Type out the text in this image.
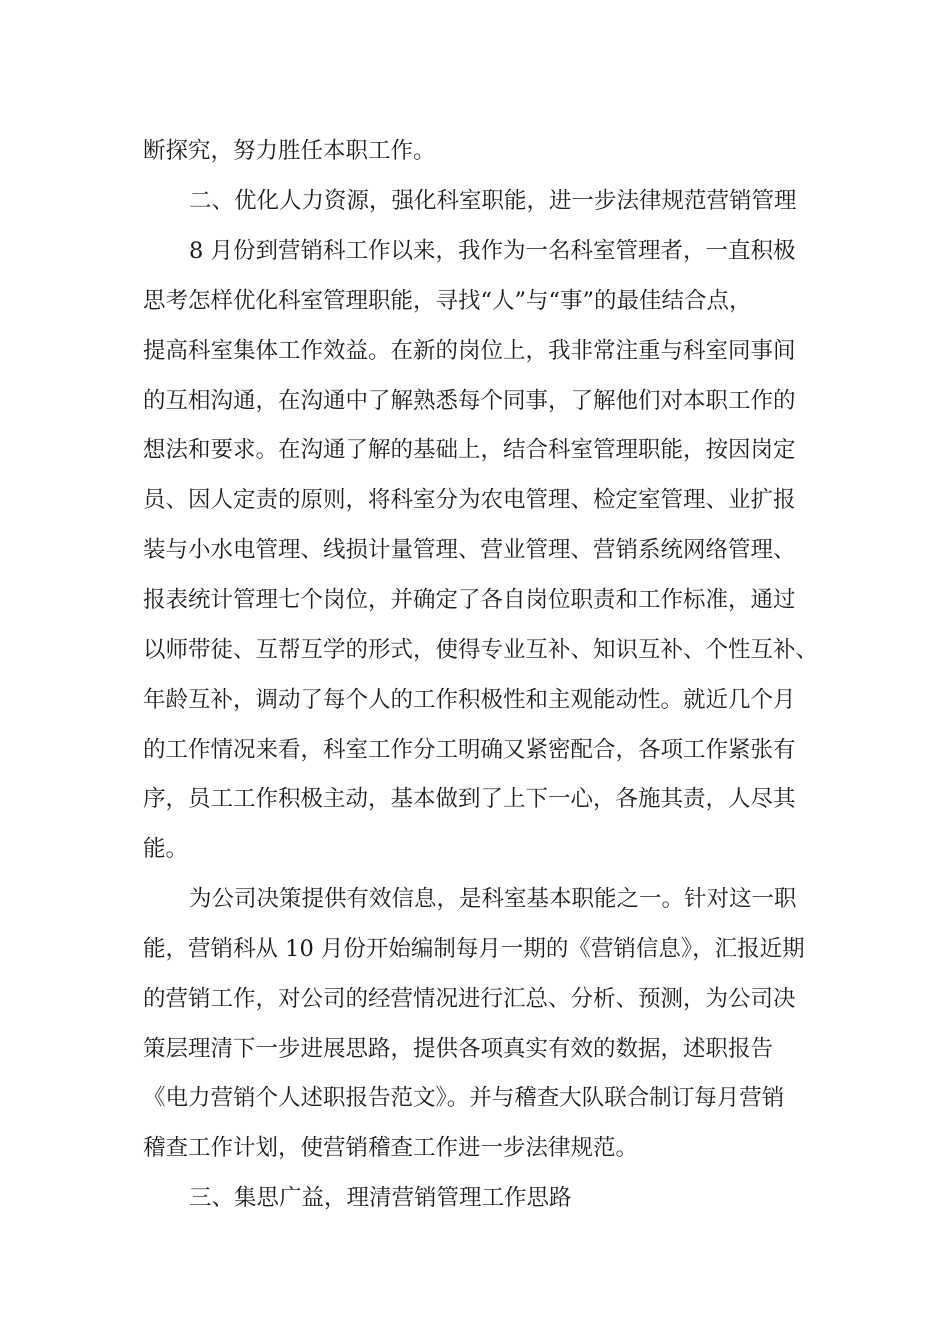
断探究，努力胜任本职工作。
二、优化人力资源，强化科室职能，进一步法律规范营销管理
8 月份到营销科工作以来，我作为一名科室管理者，一直积极
思考怎样优化科室管理职能，寻找“人”与“事”的最佳结合点，
提高科室集体工作效益。在新的岗位上，我非常注重与科室同事间
的互相沟通，在沟通中了解熟悉每个同事，了解他们对本职工作的
想法和要求。在沟通了解的基础上，结合科室管理职能，按因岗定
员、因人定责的原则，将科室分为农电管理、检定室管理、业扩报
装与小水电管理、线损计量管理、营业管理、营销系统网络管理、
报表统计管理七个岗位，并确定了各自岗位职责和工作标准，通过
以师带徒、互帮互学的形式，使得专业互补、知识互补、个性互补、
年龄互补，调动了每个人的工作积极性和主观能动性。就近几个月
的工作情况来看，科室工作分工明确又紧密配合，各项工作紧张有
序，员工工作积极主动，基本做到了上下一心，各施其责，人尽其
能。
为公司决策提供有效信息，是科室基本职能之一。针对这一职
能，营销科从 10 月份开始编制每月一期的《营销信息》，汇报近期
的营销工作，对公司的经营情况进行汇总、分析、预测，为公司决
策层理清下一步进展思路，提供各项真实有效的数据，述职报告
《电力营销个人述职报告范文》。并与稽查大队联合制订每月营销
稽查工作计划，使营销稽查工作进一步法律规范。
三、集思广益，理清营销管理工作思路
